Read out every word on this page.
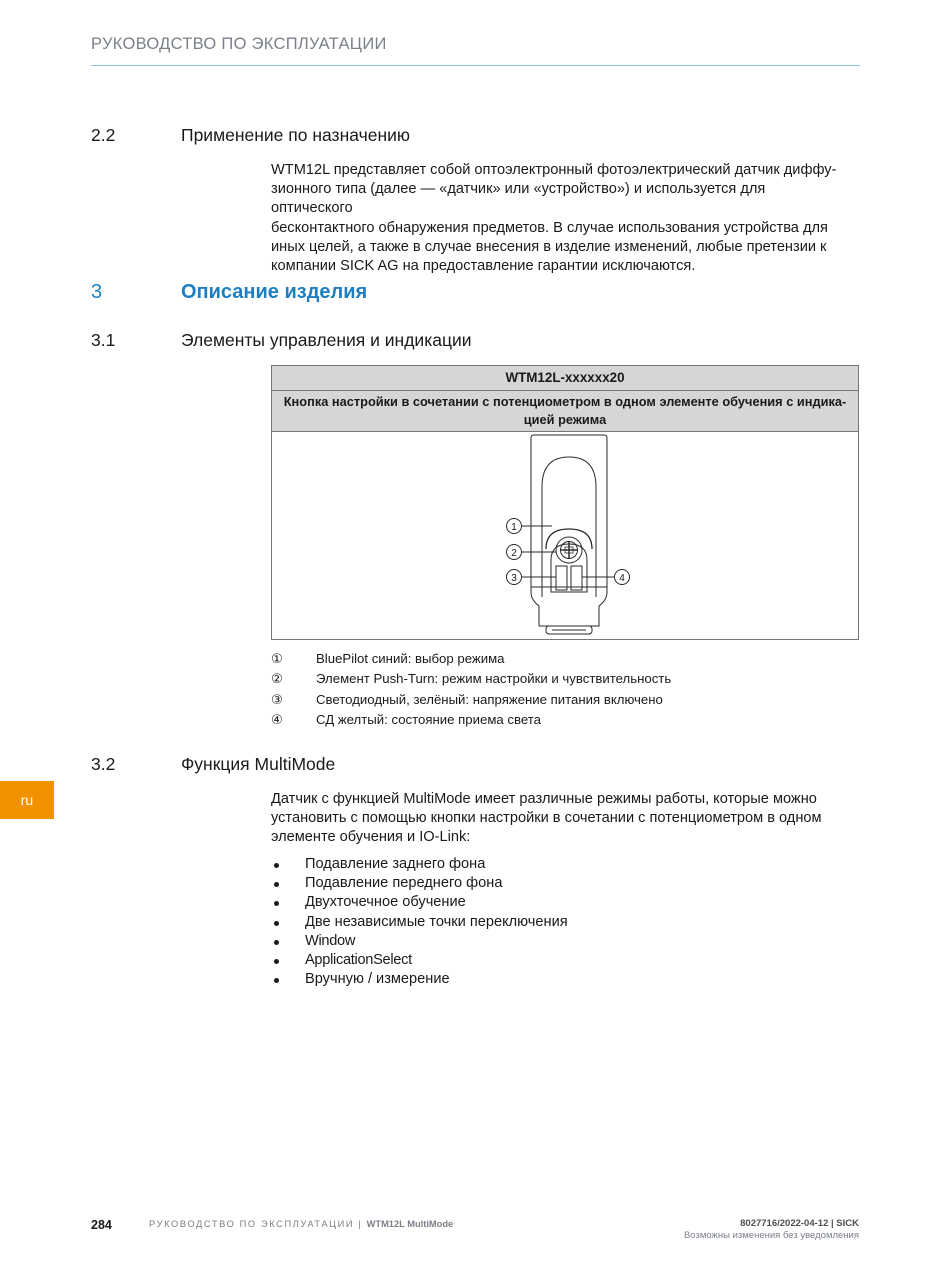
РУКОВОДСТВО ПО ЭКСПЛУАТАЦИИ
2.2	Применение по назначению
WTM12L представляет собой оптоэлектронный фотоэлектрический датчик диффу-
зионного типа (далее — «датчик» или «устройство») и используется для оптического
бесконтактного обнаружения предметов. В случае использования устройства для
иных целей, а также в случае внесения в изделие изменений, любые претензии к
компании SICK AG на предоставление гарантии исключаются.
3	Описание изделия
3.1	Элементы управления и индикации
WTM12L-xxxxxx20
Кнопка настройки в сочетании с потенциометром в одном элементе обучения с индика-
цией режима
1
2
3	4
①	BluePilot синий: выбор режима
②	Элемент Push-Turn: режим настройки и чувствительность
③	Светодиодный, зелёный: напряжение питания включено
④	СД желтый: состояние приема света
3.2	Функция MultiMode
Датчик с функцией MultiMode имеет различные режимы работы, которые можно
установить с помощью кнопки настройки в сочетании с потенциометром в одном
элементе обучения и IO-Link:
Подавление заднего фона
Подавление переднего фона
Двухточечное обучение
Две независимые точки переключения
Window
ApplicationSelect
Вручную / измерение
ru
284	РУКОВОДСТВО ПО ЭКСПЛУАТАЦИИ | WTM12L MultiMode	8027716/2022-04-12 | SICK
Возможны изменения без уведомления
